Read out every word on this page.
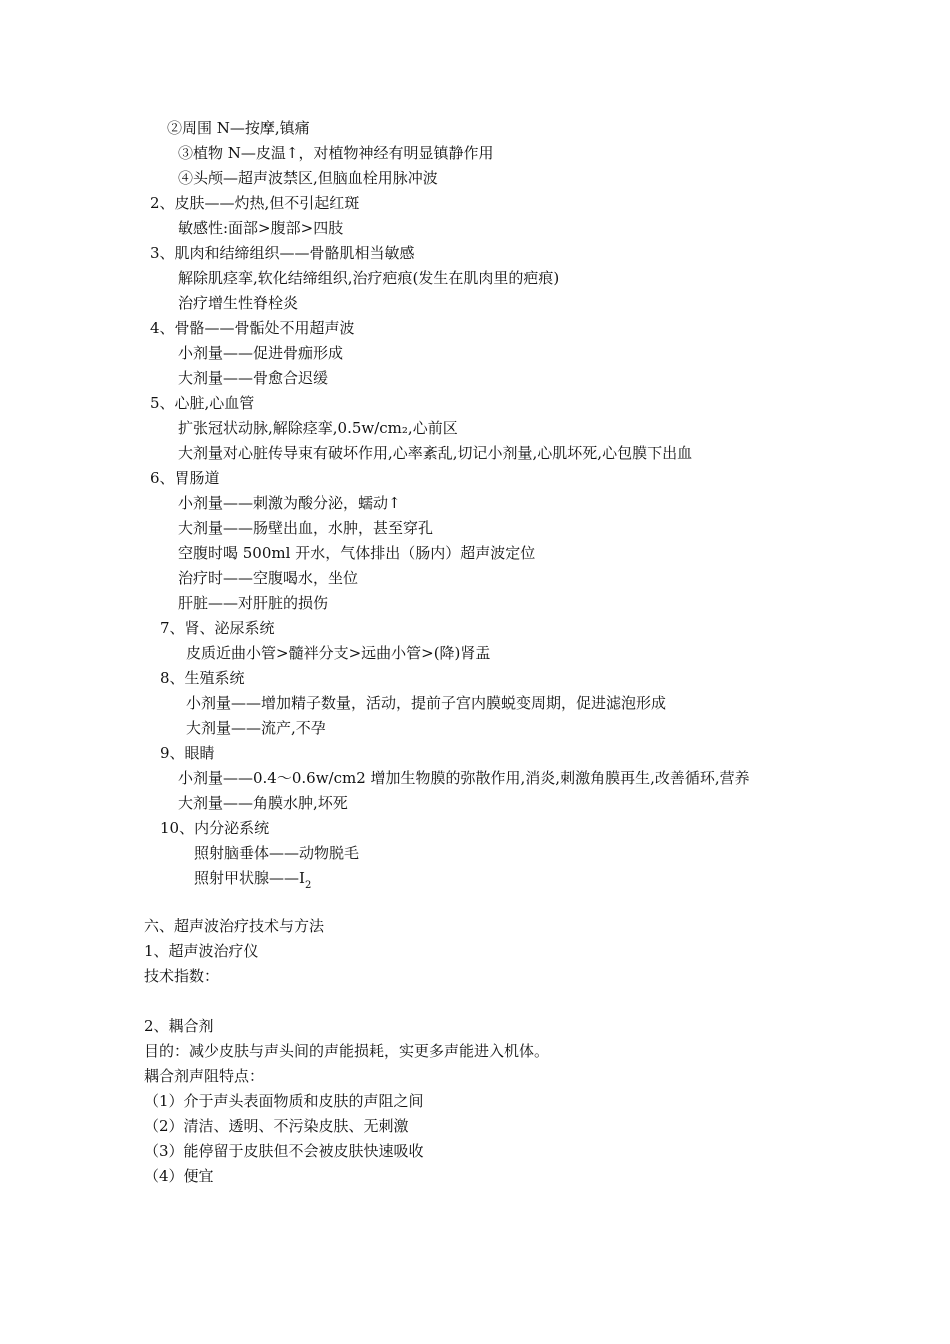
②周围 N—按摩,镇痛
③植物 N—皮温↑，对植物神经有明显镇静作用
④头颅—超声波禁区,但脑血栓用脉冲波
2、皮肤——灼热,但不引起红斑
敏感性:面部>腹部>四肢
3、肌肉和结缔组织——骨骼肌相当敏感
解除肌痉挛,软化结缔组织,治疗疤痕(发生在肌肉里的疤痕)
治疗增生性脊栓炎
4、骨骼——骨骺处不用超声波
小剂量——促进骨痂形成
大剂量——骨愈合迟缓
5、心脏,心血管
扩张冠状动脉,解除痉挛,0.5w/cm₂,心前区
大剂量对心脏传导束有破坏作用,心率紊乱,切记小剂量,心肌坏死,心包膜下出血
6、胃肠道
小剂量——刺激为酸分泌，蠕动↑
大剂量——肠壁出血，水肿，甚至穿孔
空腹时喝 500ml 开水，气体排出（肠内）超声波定位
治疗时——空腹喝水，坐位
肝脏——对肝脏的损伤
7、肾、泌尿系统
皮质近曲小管>髓袢分支>远曲小管>(降)肾盂
8、生殖系统
小剂量——增加精子数量，活动，提前子宫内膜蜕变周期，促进滤泡形成
大剂量——流产,不孕
9、眼睛
小剂量——0.4～0.6w/cm2 增加生物膜的弥散作用,消炎,刺激角膜再生,改善循环,营养
大剂量——角膜水肿,坏死
10、内分泌系统
照射脑垂体——动物脱毛
照射甲状腺$——I_2$
六、超声波治疗技术与方法
1、超声波治疗仪
技术指数：
2、耦合剂
目的：减少皮肤与声头间的声能损耗，实更多声能进入机体。
耦合剂声阻特点：
（1）介于声头表面物质和皮肤的声阻之间
（2）清洁、透明、不污染皮肤、无刺激
（3）能停留于皮肤但不会被皮肤快速吸收
（4）便宜
